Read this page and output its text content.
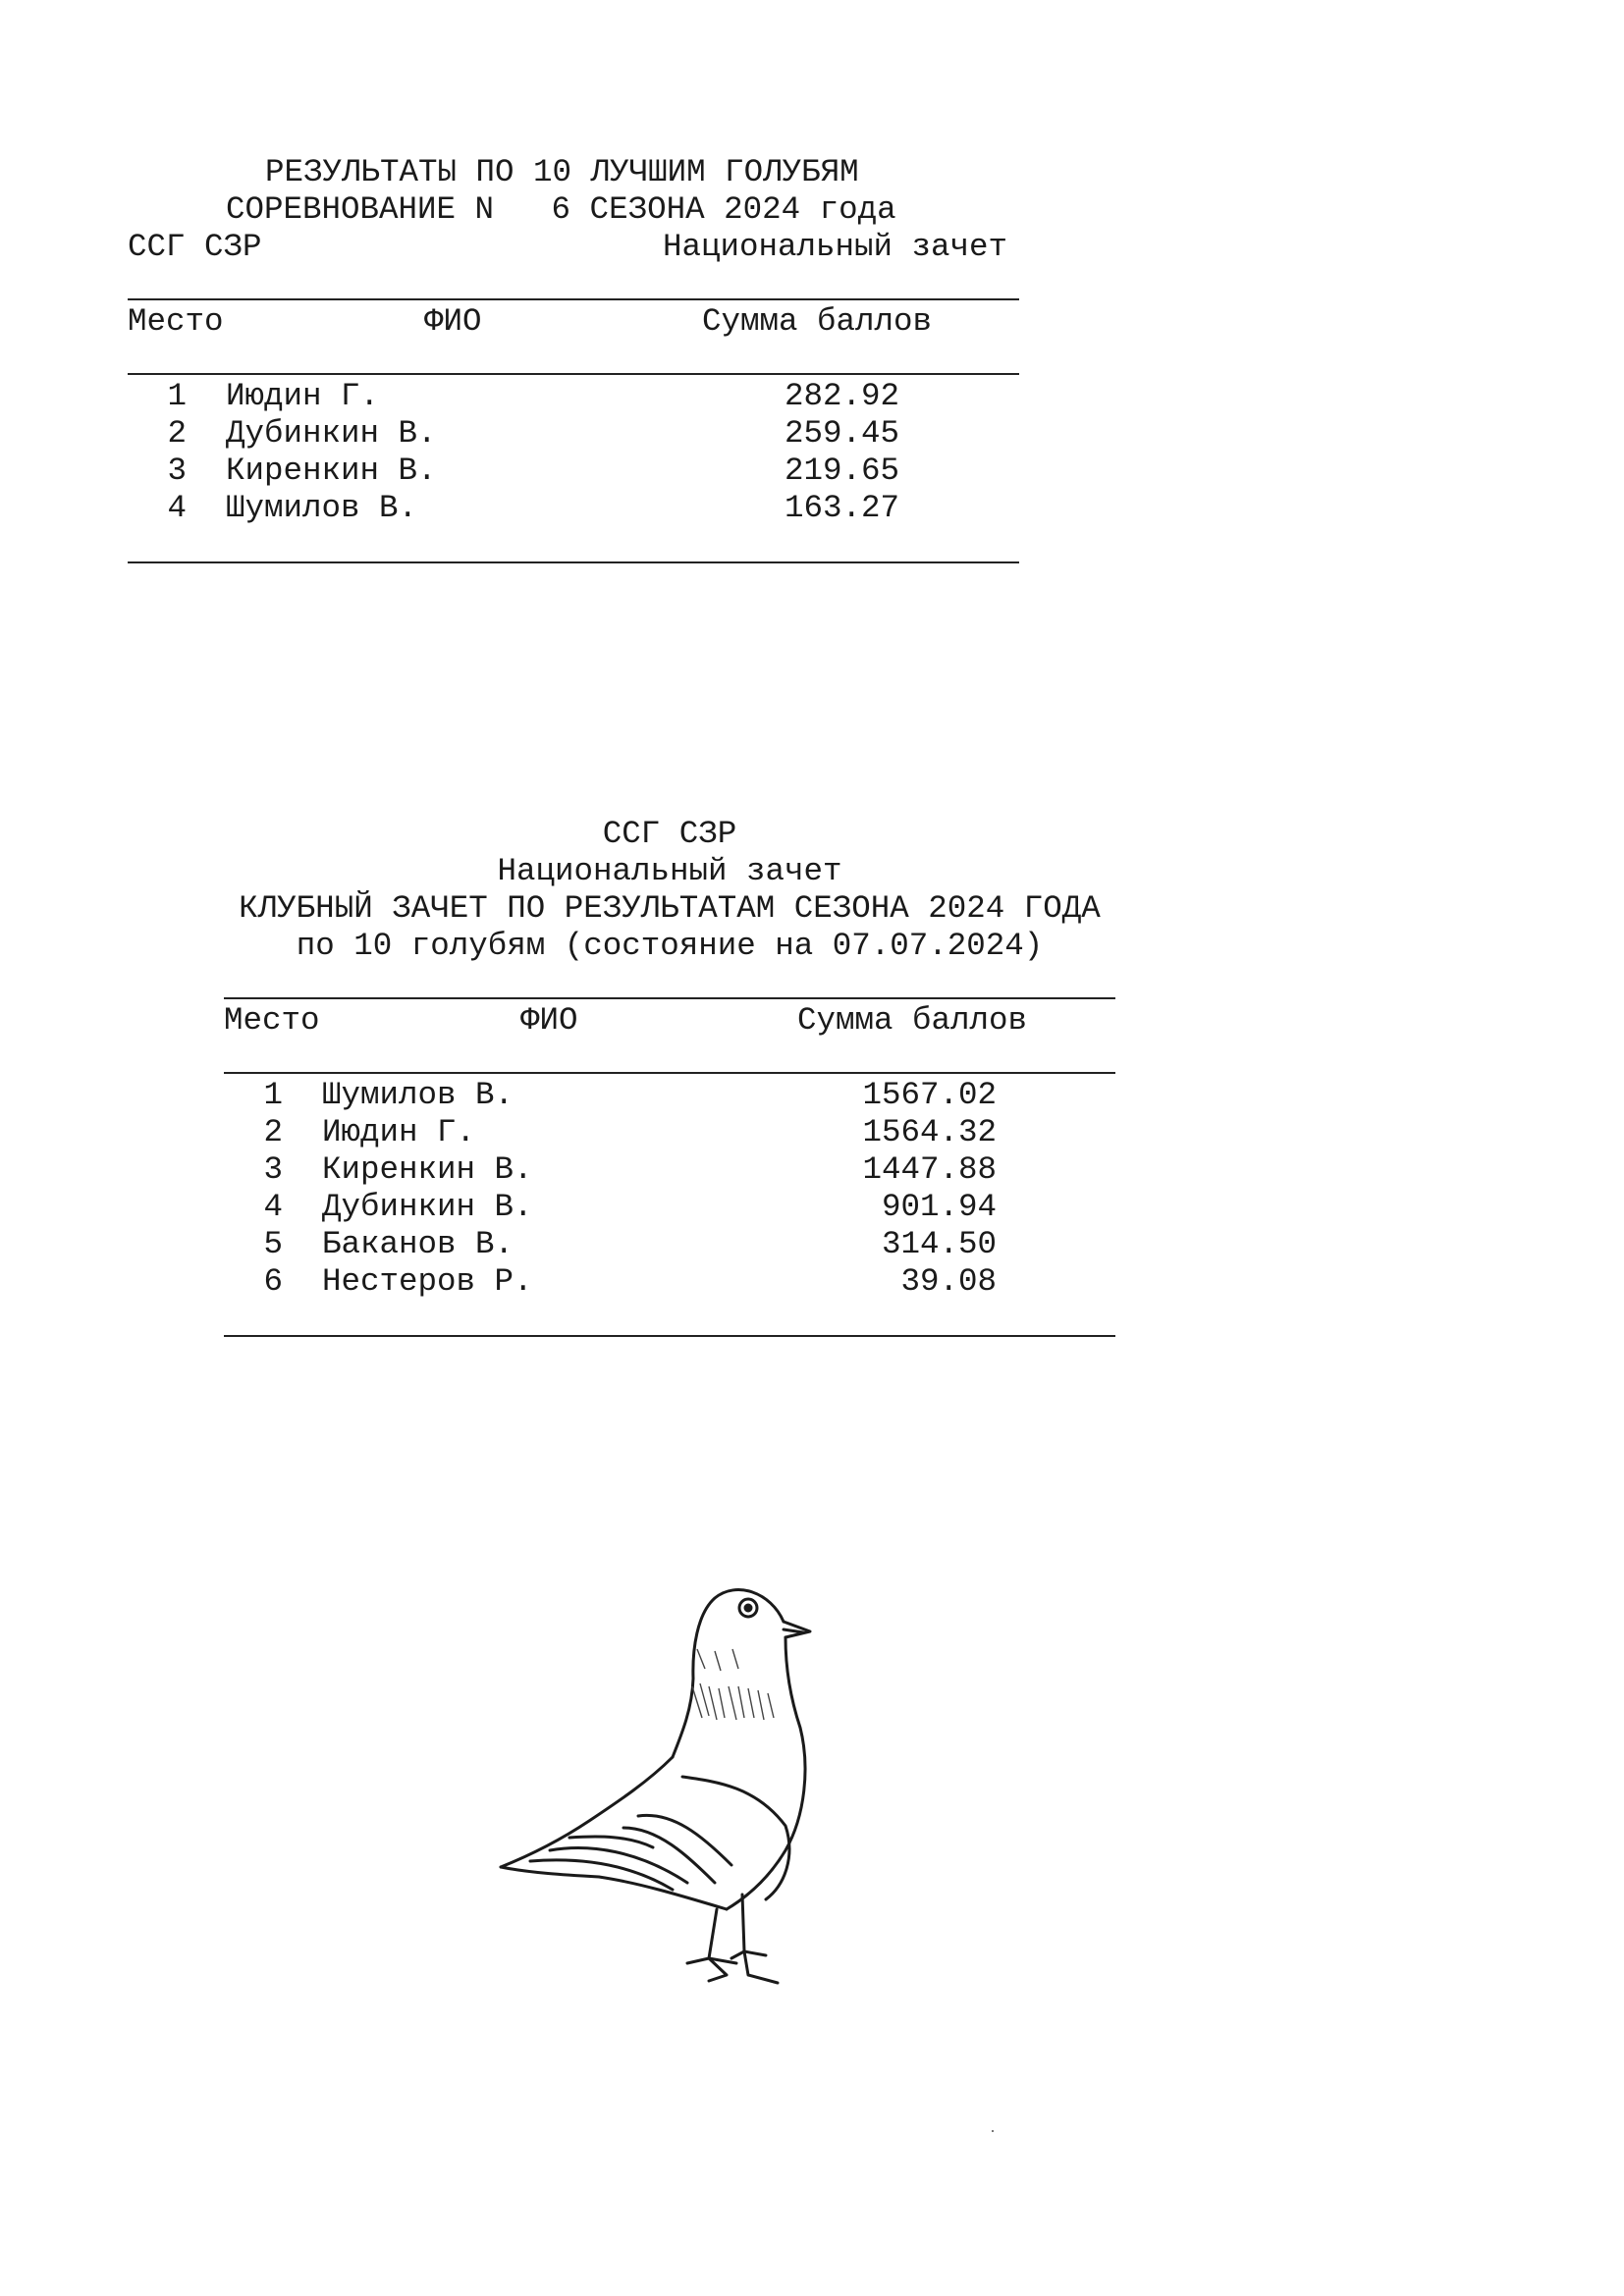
РЕЗУЛЬТАТЫ ПО 10 ЛУЧШИМ ГОЛУБЯМ
СОРЕВНОВАНИЕ N   6 СЕЗОНА 2024 года
ССГ СЗР	Национальный зачет
Место	ФИО	Сумма баллов
1 Июдин Г.	282.92
2 Дубинкин В.	259.45
3 Киренкин В.	219.65
4 Шумилов В.	163.27
ССГ СЗР
Национальный зачет
КЛУБНЫЙ ЗАЧЕТ ПО РЕЗУЛЬТАТАМ СЕЗОНА 2024 ГОДА
по 10 голубям (состояние на 07.07.2024)
Место	ФИО	Сумма баллов
1 Шумилов В.	1567.02
2 Июдин Г.	1564.32
3 Киренкин В.	1447.88
4 Дубинкин В.	901.94
5 Баканов В.	314.50
6 Нестеров Р.	39.08
